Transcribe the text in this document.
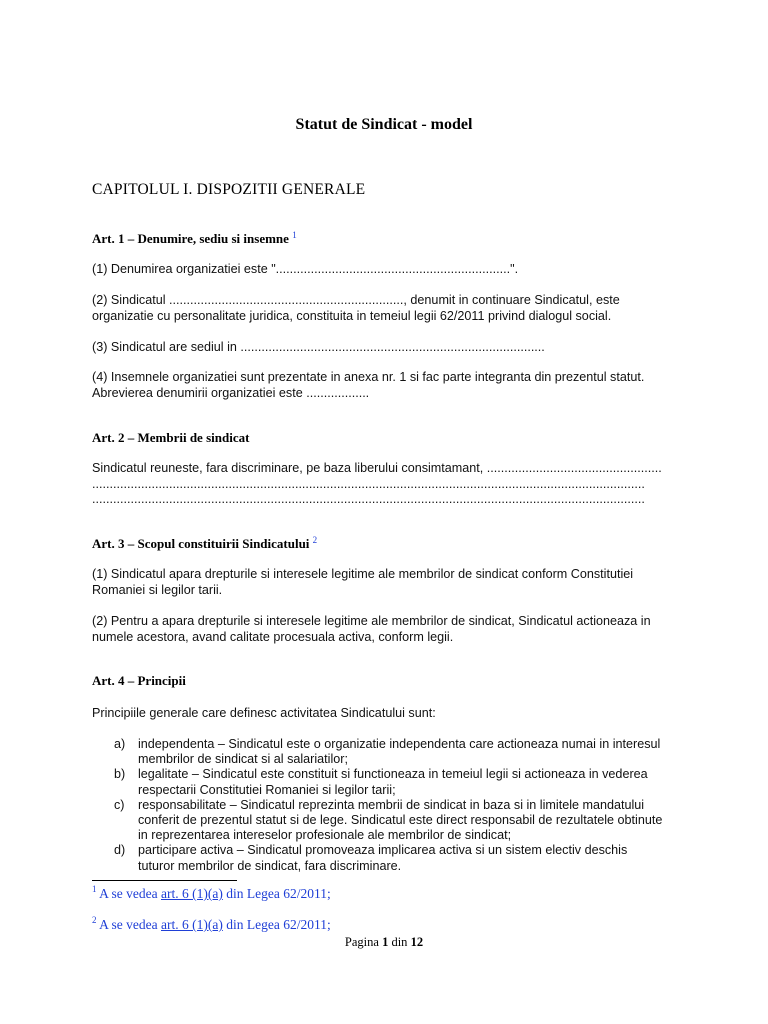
Statut de Sindicat - model
CAPITOLUL I. DISPOZITII GENERALE
Art. 1 – Denumire, sediu si insemne $^1$
(1) Denumirea organizatiei este "...................................................................".
(2) Sindicatul ..................................................................., denumit in continuare Sindicatul, este
organizatie cu personalitate juridica, constituita in temeiul legii 62/2011 privind dialogul social.
(3) Sindicatul are sediul in .......................................................................................
(4) Insemnele organizatiei sunt prezentate in anexa nr. 1 si fac parte integranta din prezentul statut.
Abrevierea denumirii organizatiei este ..................
Art. 2 – Membrii de sindicat
Sindicatul reuneste, fara discriminare, pe baza liberului consimtamant, ..................................................
..............................................................................................................................................................
..............................................................................................................................................................
Art. 3 – Scopul constituirii Sindicatului $^2$
(1) Sindicatul apara drepturile si interesele legitime ale membrilor de sindicat conform Constitutiei
Romaniei si legilor tarii.
(2) Pentru a apara drepturile si interesele legitime ale membrilor de sindicat, Sindicatul actioneaza in
numele acestora, avand calitate procesuala activa, conform legii.
Art. 4 – Principii
Principiile generale care definesc activitatea Sindicatului sunt:
a) independenta – Sindicatul este o organizatie independenta care actioneaza numai in interesul
membrilor de sindicat si al salariatilor;
b) legalitate – Sindicatul este constituit si functioneaza in temeiul legii si actioneaza in vederea
respectarii Constitutiei Romaniei si legilor tarii;
c) responsabilitate – Sindicatul reprezinta membrii de sindicat in baza si in limitele mandatului
conferit de prezentul statut si de lege. Sindicatul este direct responsabil de rezultatele obtinute
in reprezentarea intereselor profesionale ale membrilor de sindicat;
d) participare activa – Sindicatul promoveaza implicarea activa si un sistem electiv deschis
tuturor membrilor de sindicat, fara discriminare.
$^1$ A se vedea art. 6 (1)(a) din Legea 62/2011;
$^2$ A se vedea art. 6 (1)(a) din Legea 62/2011;
Pagina 1 din 12
